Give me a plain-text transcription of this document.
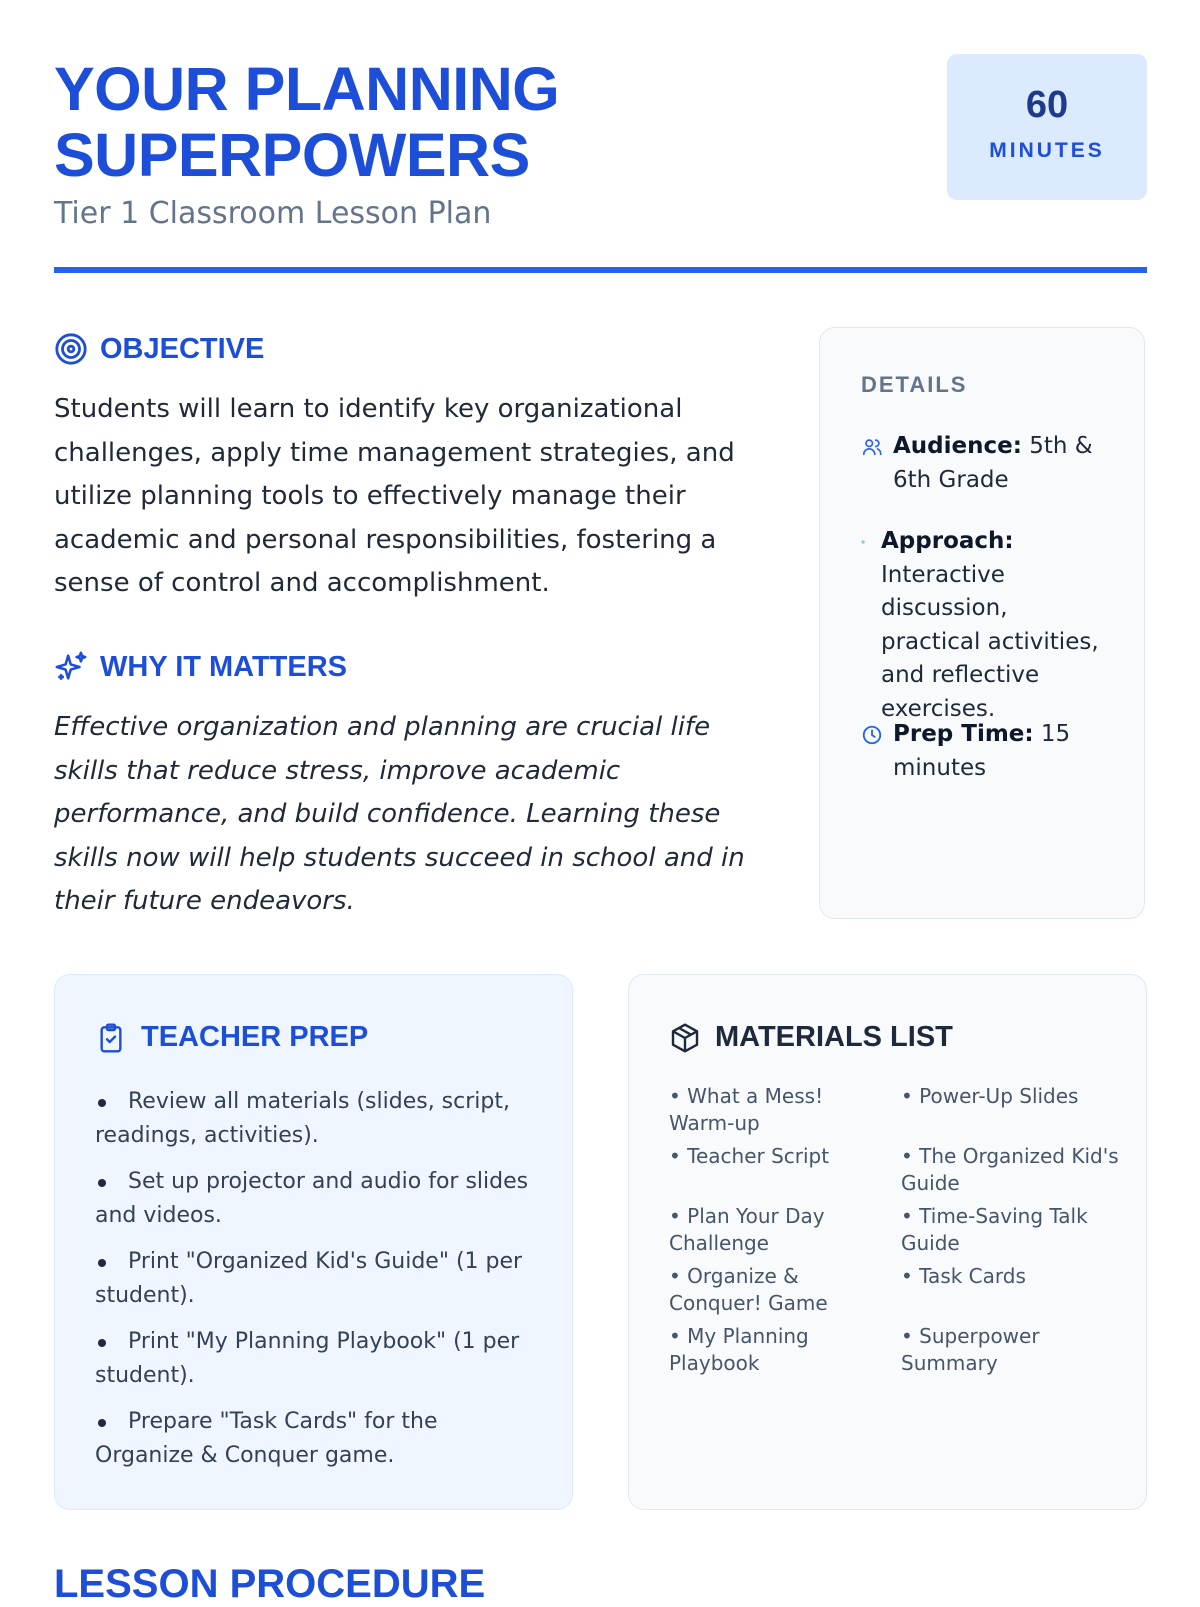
YOUR PLANNING
SUPERPOWERS
Tier 1 Classroom Lesson Plan
60
MINUTES
OBJECTIVE

Students will learn to identify key organizational challenges, apply time management strategies, and utilize planning tools to effectively manage their academic and personal responsibilities, fostering a sense of control and accomplishment.

WHY IT MATTERS

Effective organization and planning are crucial life skills that reduce stress, improve academic performance, and build confidence. Learning these skills now will help students succeed in school and in their future endeavors.

DETAILS
Audience: 5th & 6th Grade
Approach:
Interactive discussion, practical activities, and reflective exercises.
Prep Time: 15 minutes
TEACHER PREP
Review all materials (slides, script, readings, activities).
Set up projector and audio for slides and videos.
Print "Organized Kid's Guide" (1 per student).
Print "My Planning Playbook" (1 per student).
Prepare "Task Cards" for the Organize & Conquer game.
MATERIALS LIST
• What a Mess! Warm-up
• Power-Up Slides
• Teacher Script	• The Organized Kid's Guide
• Plan Your Day Challenge
• Time-Saving Talk Guide
• Organize & Conquer! Game
• Task Cards
• My Planning Playbook
• Superpower Summary
LESSON PROCEDURE
